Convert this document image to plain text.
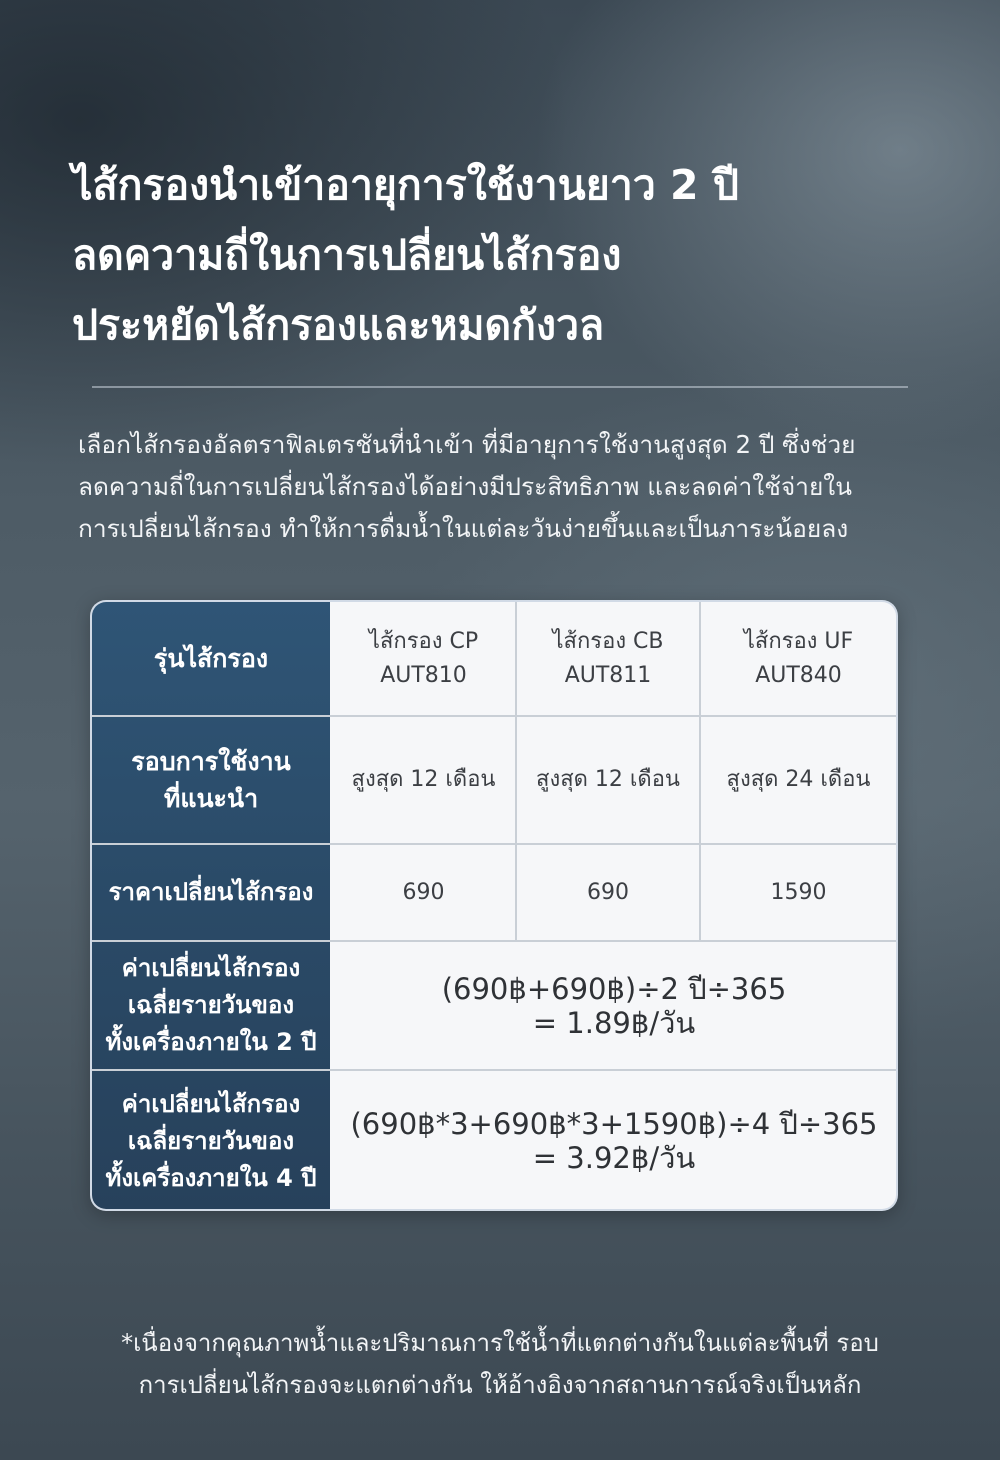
ไส้กรองนำเข้าอายุการใช้งานยาว 2 ปี
ลดความถี่ในการเปลี่ยนไส้กรอง
ประหยัดไส้กรองและหมดกังวล
เลือกไส้กรองอัลตราฟิลเตรชันที่นำเข้า ที่มีอายุการใช้งานสูงสุด 2 ปี ซึ่งช่วย
ลดความถี่ในการเปลี่ยนไส้กรองได้อย่างมีประสิทธิภาพ และลดค่าใช้จ่ายใน
การเปลี่ยนไส้กรอง ทำให้การดื่มน้ำในแต่ละวันง่ายขึ้นและเป็นภาระน้อยลง
รุ่นไส้กรอง
รอบการใช้งาน
ที่แนะนำ
ราคาเปลี่ยนไส้กรอง
ค่าเปลี่ยนไส้กรอง
เฉลี่ยรายวันของ
ทั้งเครื่องภายใน 2 ปี
ค่าเปลี่ยนไส้กรอง
เฉลี่ยรายวันของ
ทั้งเครื่องภายใน 4 ปี
ไส้กรอง CP
AUT810
ไส้กรอง CB
AUT811
ไส้กรอง UF
AUT840
สูงสุด 12 เดือน สูงสุด 12 เดือน สูงสุด 24 เดือน
690	690	1590
(690฿+690฿)÷2 ปี÷365
= 1.89฿/วัน
(690฿*3+690฿*3+1590฿)÷4 ปี÷365
= 3.92฿/วัน
*เนื่องจากคุณภาพน้ำและปริมาณการใช้น้ำที่แตกต่างกันในแต่ละพื้นที่ รอบ
การเปลี่ยนไส้กรองจะแตกต่างกัน ให้อ้างอิงจากสถานการณ์จริงเป็นหลัก
